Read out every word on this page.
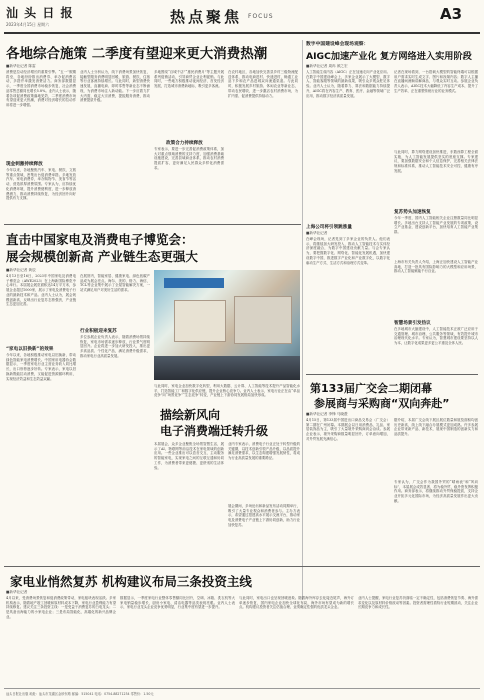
汕 头 日 报
2023年4月15日 星期六	热点聚焦 FOCUS	A3
各地综合施策 二季度有望迎来更大消费热潮
■新华社记者 陈雷
消费是拉动经济增长的重要引擎。“五一”假期将至，各地纷纷推出消费券、举办促消费活动，多措并举激发消费活力。商务部数据显示，一季度全国消费市场稳步恢复，社会消费品零售总额同比增长5.8%。业内人士表示，随着各项促消费政策落地见效，二季度消费市场有望迎来更大热潮，消费对经济增长的拉动作用将进一步增强。
现金刺激持续释放
今年以来，各地聚焦汽车、家电、餐饮、文旅等重点领域，密集出台促消费举措。多地发放汽车、家电消费券，举办购物节、美食节等活动，营造浓厚消费氛围。专家认为，应持续优化消费环境，提升消费便利度，进一步释放消费潜力，推动消费持续恢复，为经济回升向好提供有力支撑。
业内人士分析认为，线下消费场景加快恢复，接触型服务消费明显回暖，旅游、餐饮、住宿等行业客流持续增长。与此同时，新型消费快速发展，直播电商、即时零售等新业态不断涌现，为消费市场注入新动能。下一步应着力扩大内需，稳定大宗消费，提振服务消费，推动消费提质升级。
多地围绕“百城千店”“惠民消费月”等主题开展系列促销活动，引导商贸企业让利促销。与此同时，一些地方积极推动夜间经济、首发经济发展，打造城市消费新地标，吸引更多客流。
政策合力持续释放
专家表示，要进一步完善促消费政策体系，加大对重点领域消费的支持力度，加强消费基础设施建设，完善县域商业体系，推动农村消费提质扩容，更好满足人民群众多样化消费需求。
在农村地区，各地加快完善县乡村三级物流配送体系，推动电商进村、快递进村，畅通工业品下乡和农产品进城双向流通渠道。与此同时，积极发展乡村旅游、休闲农业等新业态，带动农民增收，进一步激活农村消费市场，为扩内需、促消费提供持续动力。
数字中国建设峰会现场观察：
AIGC加速产业化 复方网络进入实用阶段
■新华社记者 周冉 颜之宏
人工智能生成内容（AIGC）正在加速走向产业化应用。在数字中国建设峰会上，多家企业展示了大模型、数字人、智能客服等领域的最新成果，吸引众多观众驻足体验。业内人士认为，随着算力、算法和数据能力持续提升，AIGC将在内容生产、教育、医疗、金融等领域广泛应用，推动数字经济高质量发展。
记者在现场看到，一台搭载大模型的智能终端可以根据用户需求实时生成文字、图片和视频内容；数字人主播在直播间流畅讲解商品，与观众实时互动。参展企业负责人表示，AIGC技术大幅降低了内容生产成本，提升了生产效率，正在重塑传统行业的业务模式。
与此同时，算力网络建设加快推进，东数西算工程全面实施，为人工智能发展提供坚实的底座支撑。专家建议，要加强数据安全和个人信息保护，完善相关法律法规和标准体系，推动人工智能技术安全可控、健康有序发展。
复苏势头加速恢复
今年一季度，国内人工智能相关企业注册数量同比明显增长。多地出台支持人工智能产业发展的专项政策，设立产业基金，建设创新平台，加快培育人工智能产业集群。
直击中国家电及消费电子博览会：
展会规模创新高 产业链生态更强大
■新华社记者 黄辰
4月13日至16日，2023年中国家电及消费电子博览会（AWE2023）在上海新国际博览中心举行。本届展会展览面积达14万平方米，参展企业超过1000家，展示了家电及消费电子行业的最新技术和产品。业内人士认为，展会规模创新高，反映出行业复苏态势强劲，产业链生态更加完善。
“家电以旧换新”的效果
今年以来，各地积极推动家电以旧换新，带动绿色智能家电消费增长。中国家用电器协会数据显示，一季度家电行业主营业务收入同比增长，出口形势逐步好转。专家表示，家电以旧换新既能拉动消费，又能促进资源循环利用，实现经济效益和生态效益双赢。
在展馆内，智能家居、健康家电、绿色低碳产品成为展会亮点。海尔、美的、格力、海信、TCL等企业集中展示了全屋智能解决方案，一站式满足用户对美好生活的需求。
行业积极迎来复苏
多位参展企业负责人表示，随着消费场景持续恢复，家电市场需求逐步释放，行业景气度明显回升。企业将进一步加大研发投入，推出更多高品质、个性化产品，满足消费升级需求，推动家电行业高质量发展。
与此同时，家电企业加快数字化转型，利用大数据、云计算、人工智能等技术提升产品智能化水平，打造智能工厂和数字化供应链，提升企业核心竞争力。业内人士表示，家电行业正在由“单品竞争”向“场景竞争”“生态竞争”转变，产业链上下游协同发展格局加快形成。
描绘新风向
电子消费端迁转升级
本届展会，众多企业聚焦全场景智慧生活，展示了AI、物联网等前沿技术在家电领域的创新应用。一些企业推出可以语音交互、主动服务的智能家电，实现家电之间的互联互通和协同工作，为消费者带来更便捷、更舒适的生活体验。
业内专家表示，消费电子行业正处于转型升级的关键期，以技术创新引领产品升级，以品质提升满足消费需求，以生态构建增强发展韧性，将成为行业高质量发展的重要路径。
展会期间，多场论坛和新品发布活动同期举行，吸引了大量专业观众和消费者参与。主办方表示，希望通过搭建高水平展示交流平台，推动家电及消费电子产业链上下游协同创新，助力行业加快复苏。
上海公司将引领跳涨量
■新华社记者
在峰会现场，记者见到了多家企业的负责人。他们表示，将继续加大研发投入，推动人工智能技术与实体经济深度融合，为数字中国建设贡献力量。与会专家认为，要把握数字化、网络化、智能化发展机遇，加快建设数字中国，推进数字产业化和产业数字化，以数字化驱动生产方式、生活方式和治理方式变革。	上海市有关负责人介绍，上海正加快建设人工智能产业高地，打造一批具有国际影响力的大模型和应用场景，推动人工智能赋能千行百业。
智慧场景引发热议
在多地城市大脑建设中，人工智能技术正被广泛应用于交通管理、城市治理、公共服务等领域，有效提升城市治理现代化水平。专家认为，智慧城市建设要坚持以人为本，让数字化成果更多更公平惠及全体人民。
第133届广交会二期闭幕
参展商与采购商“双向奔赴”
■新华社记者 李锋 马晓澄
4月15日，第133届中国进出口商品交易会（广交会）第二期在广州闭幕。本期展会以日用消费品、礼品、家居装饰品为主，吸引了大量境外采购商到会洽谈。参展企业表示，境外采购商数量明显回升，订单意向增加，对外贸发展充满信心。
据介绍，本届广交会线下展区展位数量和展览面积均创历史新高，线上线下融合办展模式更加成熟。许多参展企业带来新产品、新技术，展现中国制造的创新实力和品质提升。
专家认为，广交会作为我国外贸的“晴雨表”和“风向标”，本届展会成效显著，将为稳外贸、稳外资发挥积极作用。商务部表示，将继续推动外贸保稳提质，支持企业开拓多元化国际市场，为经济高质量发展作出更大贡献。
家电业悄然复苏 机构建议布局三条投资主线
■新华社记者
4月以来，受消费场景恢复和促消费政策带动，家电板块表现活跃。多家机构表示，随着地产竣工回暖和原材料成本下降，家电行业盈利能力有望持续修复。建议关注三条投资主线：一是受益于消费复苏的白电龙头；二是具备出海能力的小家电企业；三是布局智能化、高端化的新兴品牌企业。
数据显示，一季度家电行业整体零售额同比回升，空调、冰箱、洗衣机等大家电销量稳步增长，厨房小家电、清洁电器等品类表现亮眼。业内人士表示，家电行业龙头企业竞争优势明显，行业集中度有望进一步提升。
与此同时，家电出口也呈现回暖迹象。随着海外库存去化接近尾声，海外订单逐步恢复，国内家电企业加快全球化布局，海外市场有望成为新的增长点。机构建议投资者关注估值合理、业绩确定性强的优质龙头企业。
业内人士提醒，家电行业复苏仍面临一定不确定性，包括消费恢复节奏、海外需求变化以及原材料价格波动等因素。投资者需理性看待行业短期波动，关注企业长期竞争力和成长性。
汕头日报社出版 地址：汕头市龙湖区金砂东路 邮编：515041 电话：0754-88271234 零售价：1.50元
